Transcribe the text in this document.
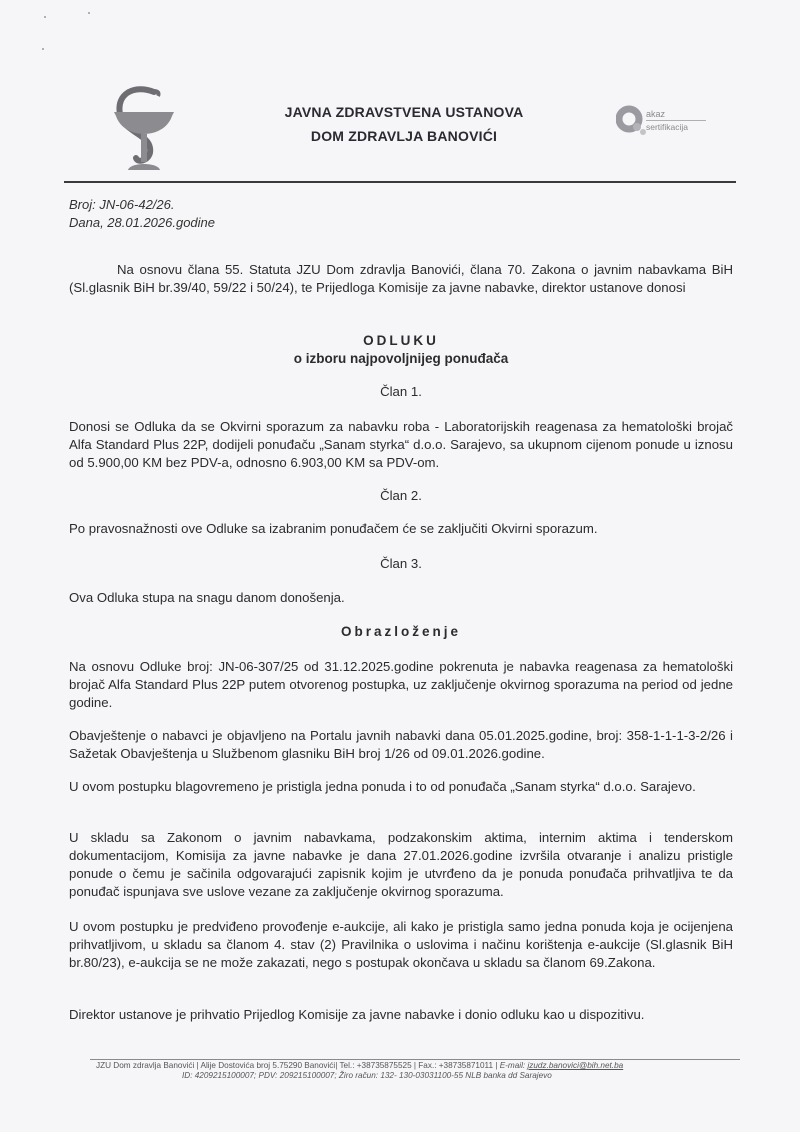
JAVNA ZDRAVSTVENA USTANOVA
DOM ZDRAVLJA BANOVIĆI
akaz
sertifikacija
Broj: JN-06-42/26.
Dana, 28.01.2026.godine
Na osnovu člana 55. Statuta JZU Dom zdravlja Banovići, člana 70. Zakona o javnim nabavkama BiH (Sl.glasnik BiH br.39/40, 59/22 i 50/24), te Prijedloga Komisije za javne nabavke, direktor ustanove donosi
ODLUKU
o izboru najpovoljnijeg ponuđača
Član 1.
Donosi se Odluka da se Okvirni sporazum za nabavku roba - Laboratorijskih reagenasa za hematološki brojač Alfa Standard Plus 22P, dodijeli ponuđaču „Sanam styrka“ d.o.o. Sarajevo, sa ukupnom cijenom ponude u iznosu od 5.900,00 KM bez PDV-a, odnosno 6.903,00 KM sa PDV-om.
Član 2.
Po pravosnažnosti ove Odluke sa izabranim ponuđačem će se zaključiti Okvirni sporazum.
Član 3.
Ova Odluka stupa na snagu danom donošenja.
Obrazloženje
Na osnovu Odluke broj: JN-06-307/25 od 31.12.2025.godine pokrenuta je nabavka reagenasa za hematološki brojač Alfa Standard Plus 22P putem otvorenog postupka, uz zaključenje okvirnog sporazuma na period od jedne godine.
Obavještenje o nabavci je objavljeno na Portalu javnih nabavki dana 05.01.2025.godine, broj: 358-1-1-1-3-2/26 i Sažetak Obavještenja u Službenom glasniku BiH broj 1/26 od 09.01.2026.godine.
U ovom postupku blagovremeno je pristigla jedna ponuda i to od ponuđača „Sanam styrka“ d.o.o. Sarajevo.
U skladu sa Zakonom o javnim nabavkama, podzakonskim aktima, internim aktima i tenderskom dokumentacijom, Komisija za javne nabavke je dana 27.01.2026.godine izvršila otvaranje i analizu pristigle ponude o čemu je sačinila odgovarajući zapisnik kojim je utvrđeno da je ponuda ponuđača prihvatljiva te da ponuđač ispunjava sve uslove vezane za zaključenje okvirnog sporazuma.
U ovom postupku je predviđeno provođenje e-aukcije, ali kako je pristigla samo jedna ponuda koja je ocijenjena prihvatljivom, u skladu sa članom 4. stav (2) Pravilnika o uslovima i načinu korištenja e-aukcije (Sl.glasnik BiH br.80/23), e-aukcija se ne može zakazati, nego s postupak okončava u skladu sa članom 69.Zakona.
Direktor ustanove je prihvatio Prijedlog Komisije za javne nabavke i donio odluku kao u dispozitivu.
JZU Dom zdravlja Banovići | Alije Dostovića broj 5.75290 Banovići| Tel.: +38735875525 | Fax.: +38735871011 | E-mail: jzudz.banovici@bih.net.ba
ID: 4209215100007; PDV: 209215100007; Žiro račun: 132- 130-03031100-55 NLB banka dd Sarajevo
